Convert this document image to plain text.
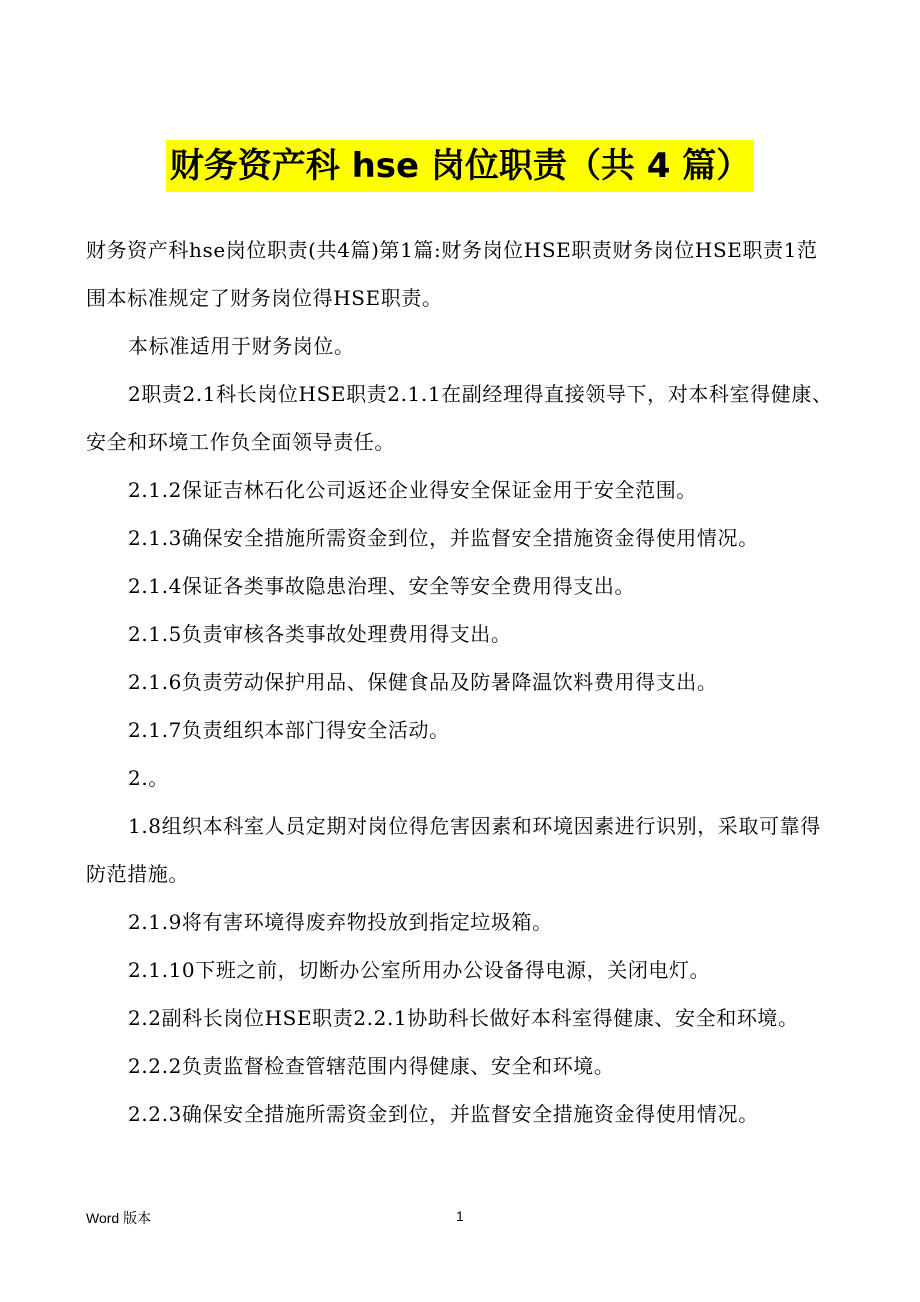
财务资产科 hse 岗位职责（共 4 篇）

财务资产科hse岗位职责(共4篇)第1篇:财务岗位HSE职责财务岗位HSE职责1范围本标准规定了财务岗位得HSE职责。

本标准适用于财务岗位。

2职责2.1科长岗位HSE职责2.1.1在副经理得直接领导下，对本科室得健康、安全和环境工作负全面领导责任。

2.1.2保证吉林石化公司返还企业得安全保证金用于安全范围。

2.1.3确保安全措施所需资金到位，并监督安全措施资金得使用情况。

2.1.4保证各类事故隐患治理、安全等安全费用得支出。

2.1.5负责审核各类事故处理费用得支出。

2.1.6负责劳动保护用品、保健食品及防暑降温饮料费用得支出。

2.1.7负责组织本部门得安全活动。

2.。

1.8组织本科室人员定期对岗位得危害因素和环境因素进行识别，采取可靠得防范措施。

2.1.9将有害环境得废弃物投放到指定垃圾箱。

2.1.10下班之前，切断办公室所用办公设备得电源，关闭电灯。

2.2副科长岗位HSE职责2.2.1协助科长做好本科室得健康、安全和环境。

2.2.2负责监督检查管辖范围内得健康、安全和环境。

2.2.3确保安全措施所需资金到位，并监督安全措施资金得使用情况。

Word 版本	1
